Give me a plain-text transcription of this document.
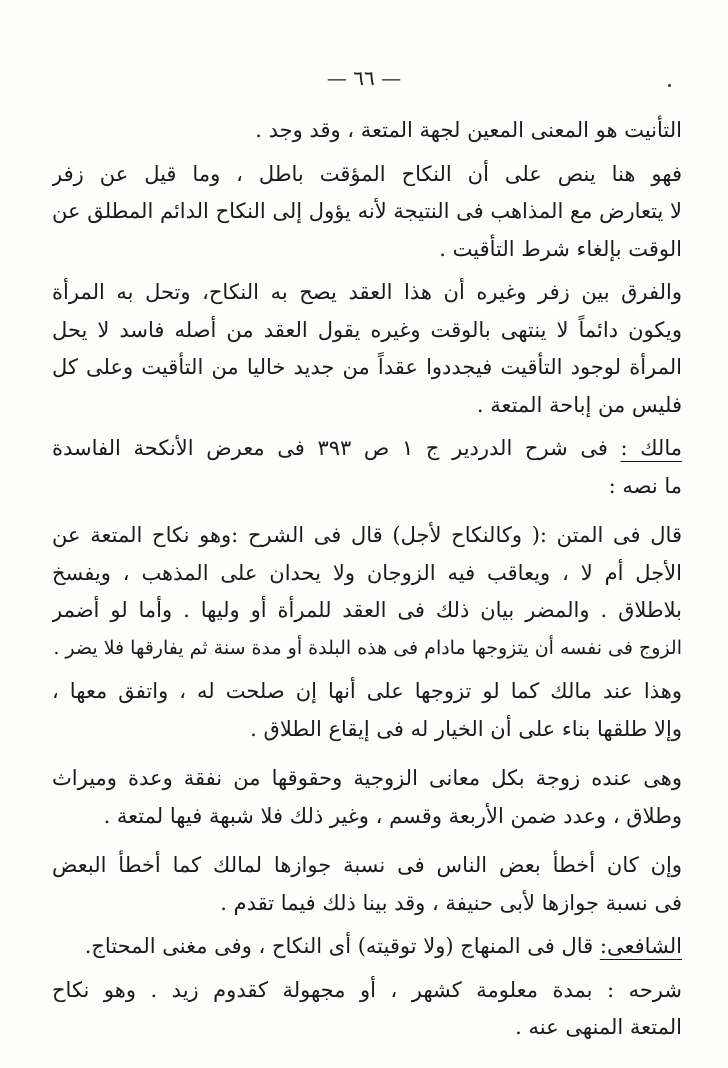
— ٦٦ —
التأنيت هو المعنى المعين لجهة المتعة ، وقد وجد .
فهو هنا ينص على أن النكاح المؤقت باطل ، وما قيل عن زفر
لا يتعارض مع المذاهب فى النتيجة لأنه يؤول إلى النكاح الدائم المطلق عن
الوقت بإلغاء شرط التأقيت .
والفرق بين زفر وغيره أن هذا العقد يصح به النكاح، وتحل به المرأة
ويكون دائماً لا ينتهى بالوقت وغيره يقول العقد من أصله فاسد لا يحل
المرأة لوجود التأقيت فيجددوا عقداً من جديد خاليا من التأقيت وعلى كل
فليس من إباحة المتعة .
مالك : فى شرح الدردير ج ١ ص ٣٩٣ فى معرض الأنكحة الفاسدة
ما نصه :
قال فى المتن :( وكالنكاح لأجل) قال فى الشرح :وهو نكاح المتعة عن
الأجل أم لا ، ويعاقب فيه الزوجان ولا يحدان على المذهب ، ويفسخ
بلاطلاق . والمضر بيان ذلك فى العقد للمرأة أو وليها . وأما لو أضمر
الزوج فى نفسه أن يتزوجها مادام فى هذه البلدة أو مدة سنة ثم يفارقها فلا يضر .
وهذا عند مالك كما لو تزوجها على أنها إن صلحت له ، واتفق معها ،
وإلا طلقها بناء على أن الخيار له فى إيقاع الطلاق .
وهى عنده زوجة بكل معانى الزوجية وحقوقها من نفقة وعدة وميراث
وطلاق ، وعدد ضمن الأربعة وقسم ، وغير ذلك فلا شبهة فيها لمتعة .
وإن كان أخطأ بعض الناس فى نسبة جوازها لمالك كما أخطأ البعض
فى نسبة جوازها لأبى حنيفة ، وقد بينا ذلك فيما تقدم .
الشافعى: قال فى المنهاج (ولا توقيته) أى النكاح ، وفى مغنى المحتاج.
شرحه : بمدة معلومة كشهر ، أو مجهولة كقدوم زيد . وهو نكاح
المتعة المنهى عنه .
